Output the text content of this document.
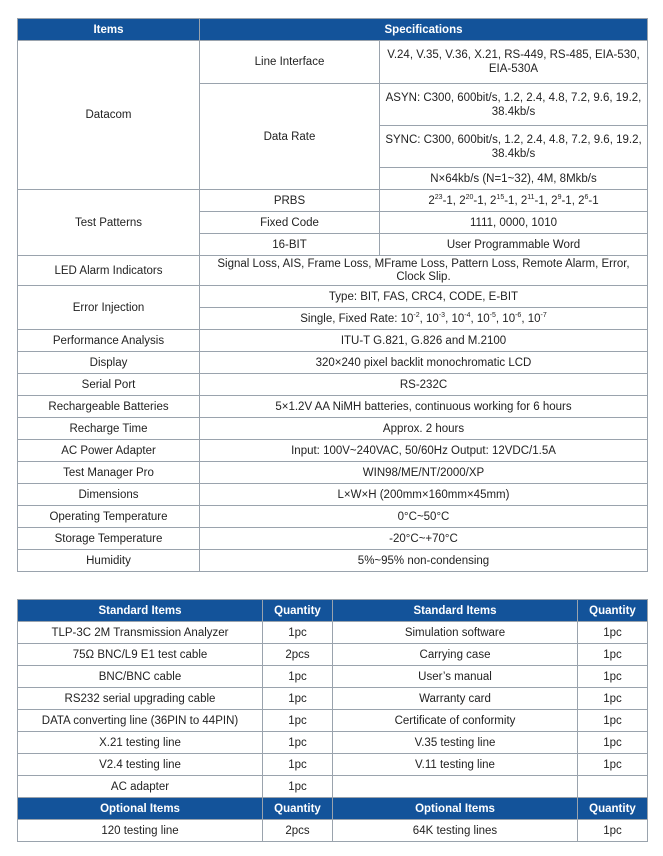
Items	Specifications	
Datacom	Line Interface	V.24, V.35, V.36, X.21, RS-449, RS-485, EIA-530, EIA-530A
	Data Rate	ASYN: C300, 600bit/s, 1.2, 2.4, 4.8, 7.2, 9.6, 19.2, 38.4kb/s
		SYNC: C300, 600bit/s, 1.2, 2.4, 4.8, 7.2, 9.6, 19.2, 38.4kb/s
		N×64kb/s (N=1~32), 4M, 8Mkb/s
Test Patterns	PRBS	$2^{23}-1$, $2^{20}-1$, $2^{15}-1$, $2^{11}-1$, $2^9-1$, $2^6-1$
	Fixed Code	1111, 0000, 1010
	16-BIT	User Programmable Word
LED Alarm Indicators	Signal Loss, AIS, Frame Loss, MFrame Loss, Pattern Loss, Remote Alarm, Error, Clock Slip.	
Error Injection	Type: BIT, FAS, CRC4, CODE, E-BIT	
	Single, Fixed Rate: $10^{-2}$, $10^{-3}$, $10^{-4}$, $10^{-5}$, $10^{-6}$, $10^{-7}$
Performance Analysis	ITU-T G.821, G.826 and M.2100	
Display	320×240 pixel backlit monochromatic LCD	
Serial Port	RS-232C	
Rechargeable Batteries	5×1.2V AA NiMH batteries, continuous working for 6 hours	
Recharge Time	Approx. 2 hours	
AC Power Adapter	Input: 100V~240VAC, 50/60Hz Output: 12VDC/1.5A	
Test Manager Pro	WIN98/ME/NT/2000/XP	
Dimensions	L×W×H (200mm×160mm×45mm)	
Operating Temperature	0°C~50°C	
Storage Temperature	-20°C~+70°C	
Humidity	5%~95% non-condensing	
Standard Items	Quantity	Standard Items	Quantity
TLP-3C 2M Transmission Analyzer	1pc	Simulation software	1pc
75Ω BNC/L9 E1 test cable	2pcs	Carrying case	1pc
BNC/BNC cable	1pc	User’s manual	1pc
RS232 serial upgrading cable	1pc	Warranty card	1pc
DATA converting line (36PIN to 44PIN)	1pc	Certificate of conformity	1pc
X.21 testing line	1pc	V.35 testing line	1pc
V2.4 testing line	1pc	V.11 testing line	1pc
AC adapter	1pc		
Optional Items	Quantity	Optional Items	Quantity
120 testing line	2pcs	64K testing lines	1pc
